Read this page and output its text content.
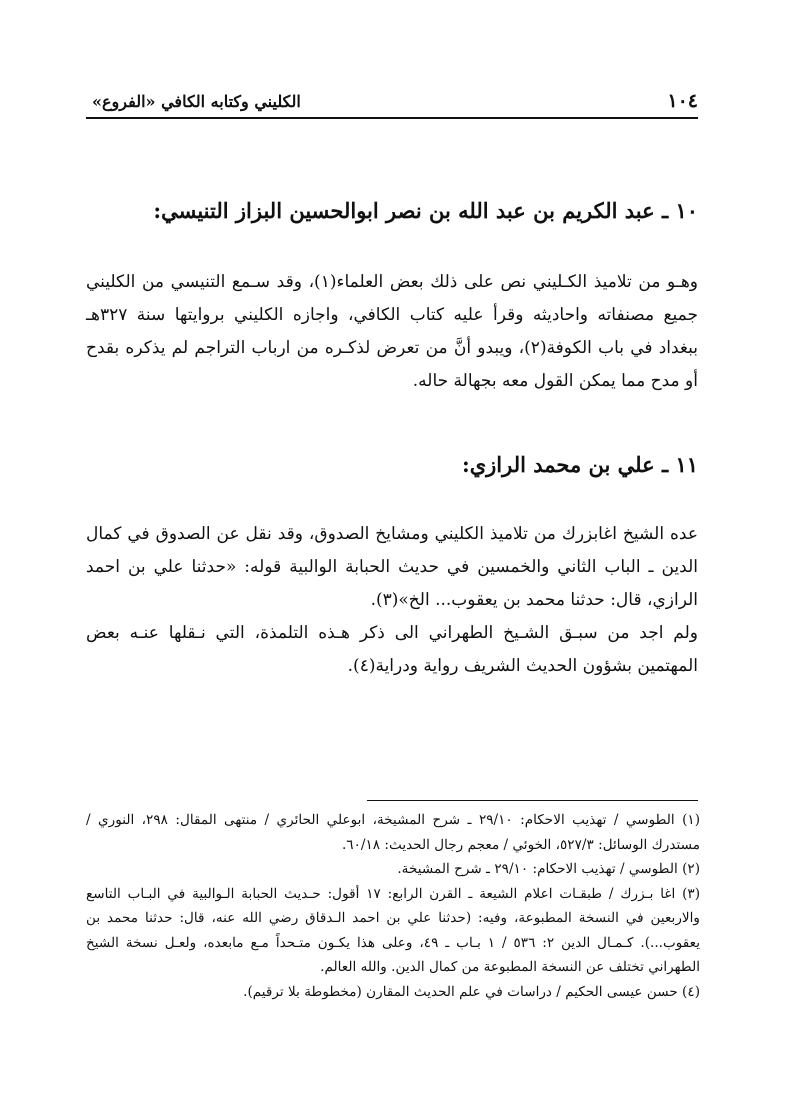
١٠٤
الكليني وكتابه الكافي «الفروع»
١٠ ـ عبد الكريم بن عبد الله بن نصر ابوالحسين البزاز التنيسي:

وهـو من تلاميذ الكـليني نص على ذلك بعض العلماء(١)، وقد سـمع التنيسي من الكليني جميع مصنفاته واحاديثه وقرأ عليه كتاب الكافي، واجازه الكليني بروايتها سنة ٣٢٧هـ ببغداد في باب الكوفة(٢)، ويبدو أنَّ من تعرض لذكـره من ارباب التراجم لم يذكره بقدح أو مدح مما يمكن القول معه بجهالة حاله.

١١ ـ علي بن محمد الرازي:

عده الشيخ اغابزرك من تلاميذ الكليني ومشايخ الصدوق، وقد نقل عن الصدوق في كمال الدين ـ الباب الثاني والخمسين في حديث الحبابة الوالبية قوله: «حدثنا علي بن احمد الرازي، قال: حدثنا محمد بن يعقوب... الخ»(٣).

ولم اجد من سبـق الشـيخ الطهراني الى ذكر هـذه التلمذة، التي نـقلها عنـه بعض المهتمين بشؤون الحديث الشريف رواية ودراية(٤).

(١) الطوسي / تهذيب الاحكام: ٢٩/١٠ ـ شرح المشيخة، ابوعلي الحائري / منتهى المقال: ٢٩٨، النوري / مستدرك الوسائل: ٥٢٧/٣، الخوئي / معجم رجال الحديث: ٦٠/١٨.
(٢) الطوسي / تهذيب الاحكام: ٢٩/١٠ ـ شرح المشيخة.
(٣) اغا بـزرك / طبقـات اعلام الشيعة ـ القرن الرابع: ١٧ أقول: حـديث الحبابة الـوالبية في البـاب التاسع والاربعين في النسخة المطبوعة، وفيه: (حدثنا علي بن احمد الـدقاق رضي الله عنه، قال: حدثنا محمد بن يعقوب...). كـمـال الدين ٢: ٥٣٦ / ١ بـاب ـ ٤٩، وعلى هذا يكـون متـحداً مـع مابعده، ولعـل نسخة الشيخ الطهراني تختلف عن النسخة المطبوعة من كمال الدين. والله العالم.
(٤) حسن عيسى الحكيم / دراسات في علم الحديث المقارن (مخطوطة بلا ترقيم).
